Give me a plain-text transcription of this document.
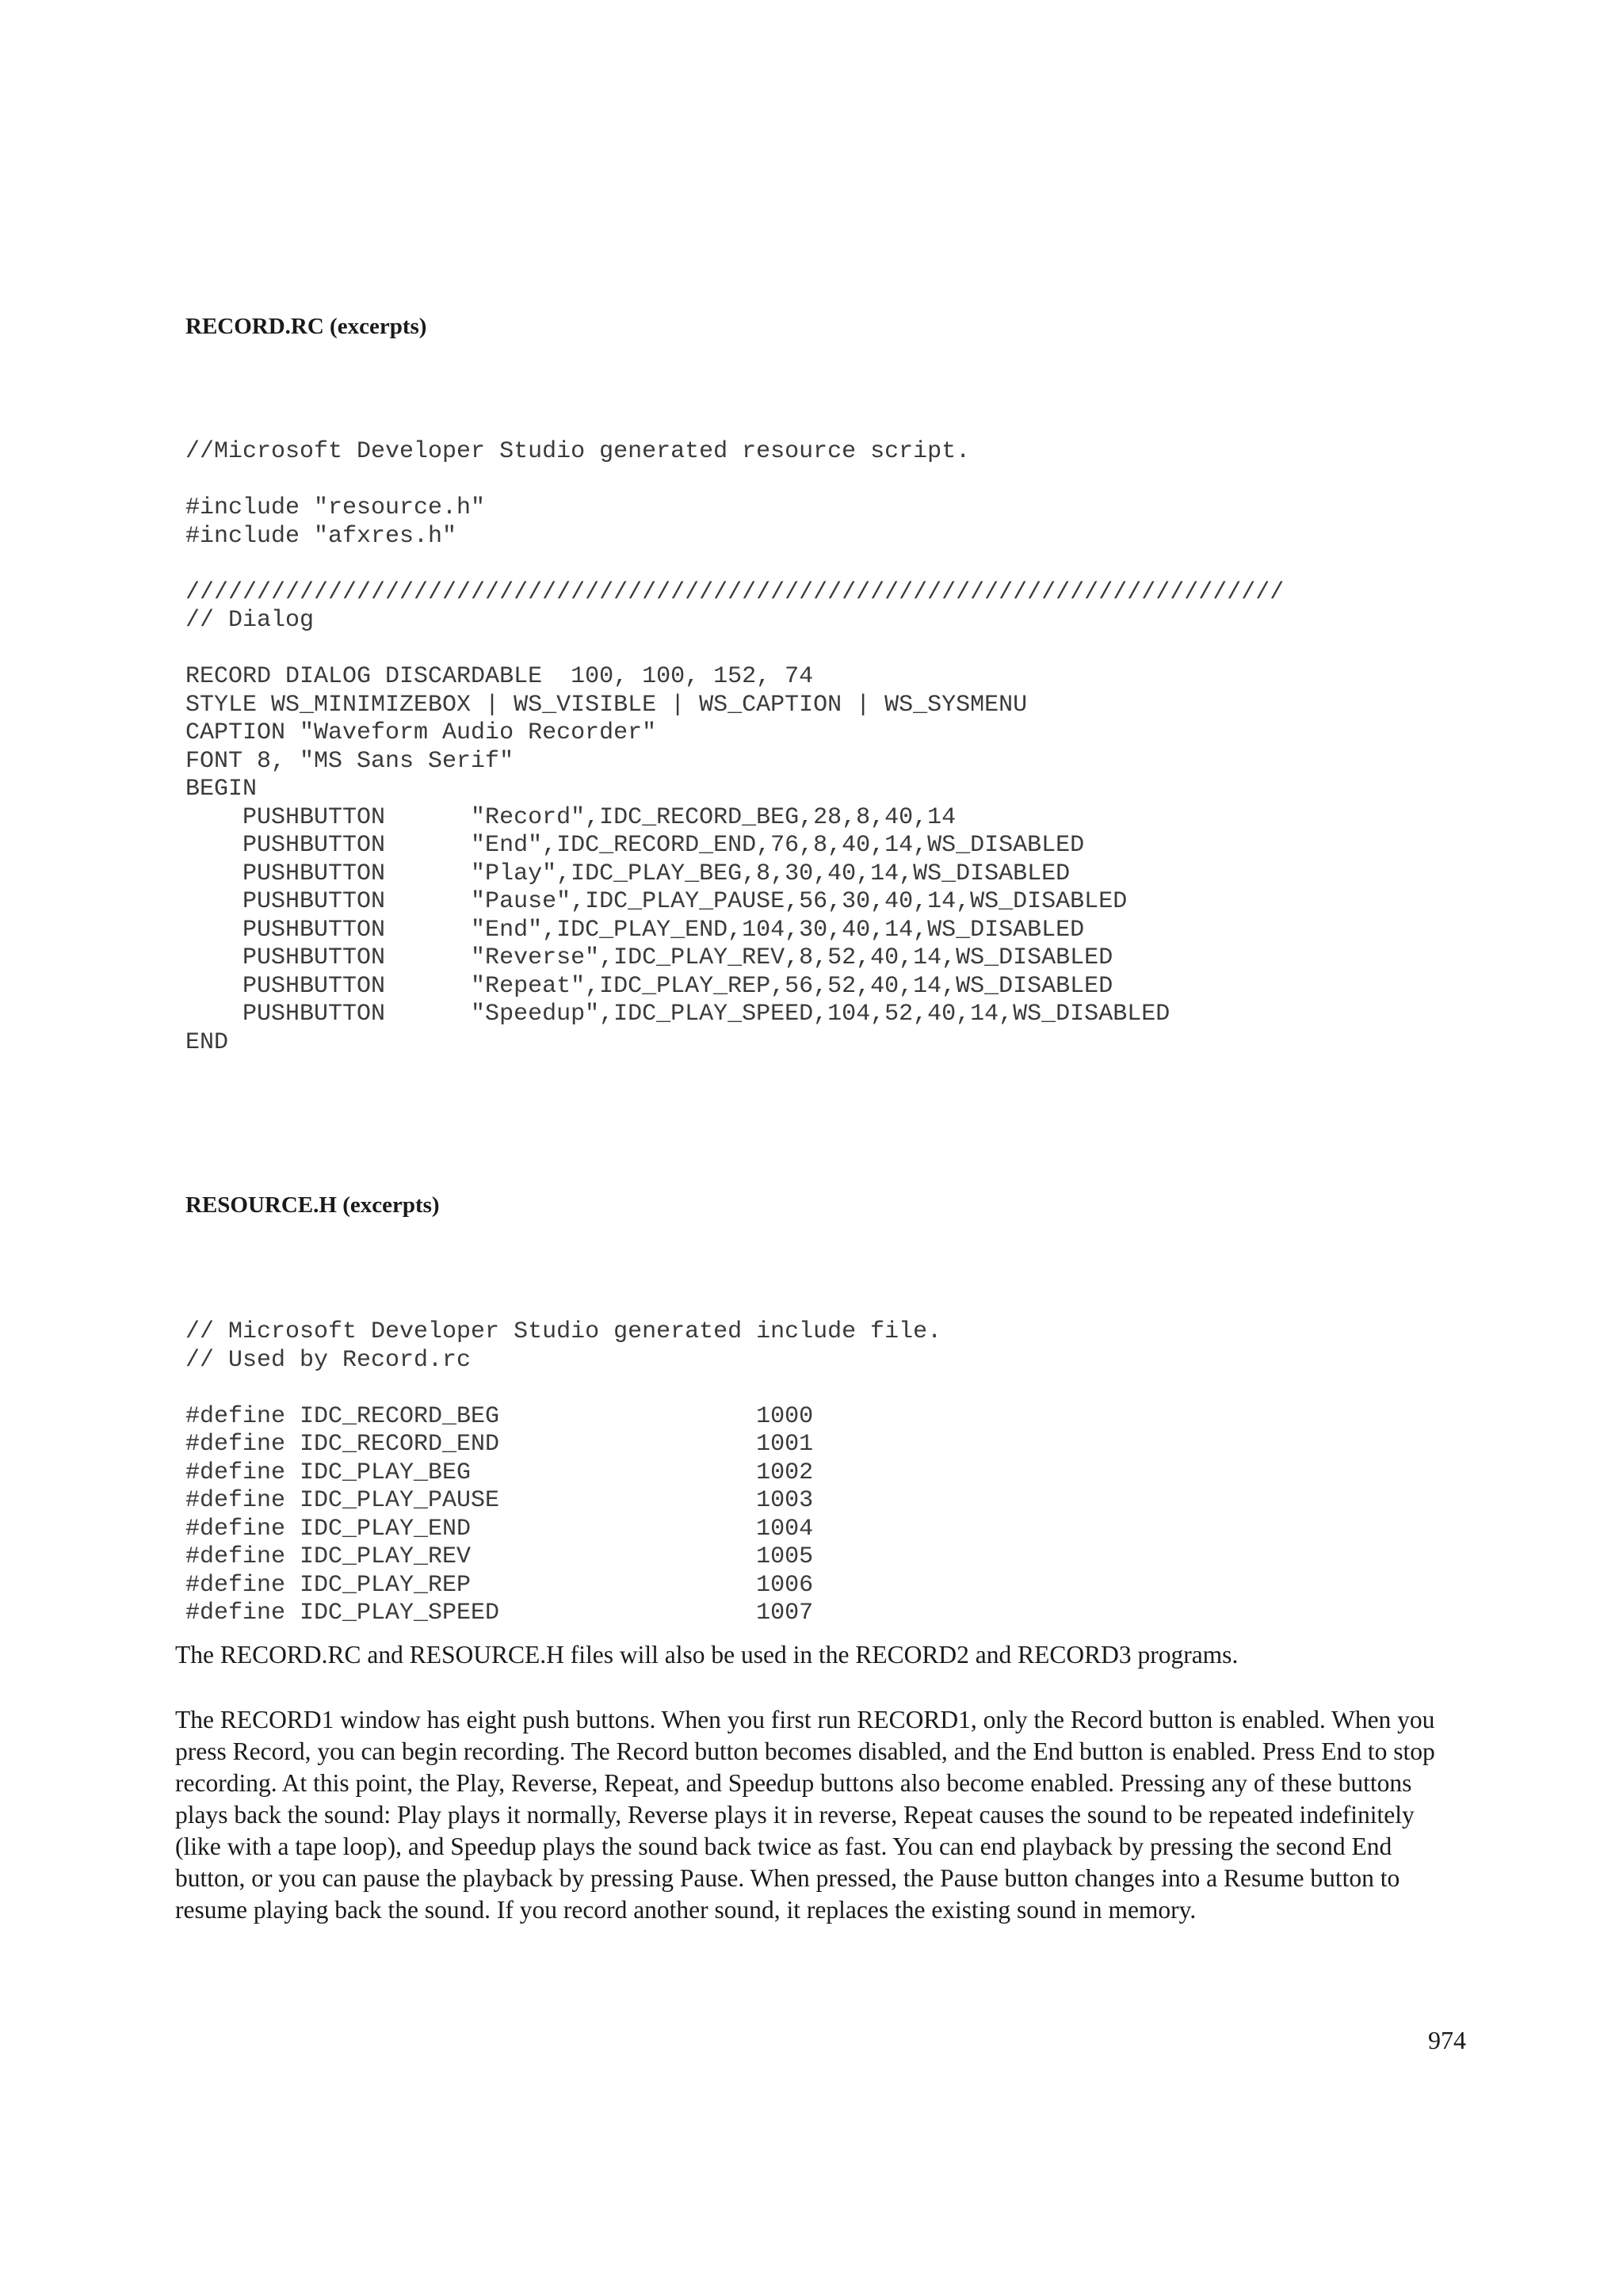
RECORD.RC (excerpts)
//Microsoft Developer Studio generated resource script.

#include "resource.h"
#include "afxres.h"

/////////////////////////////////////////////////////////////////////////////
// Dialog

RECORD DIALOG DISCARDABLE  100, 100, 152, 74
STYLE WS_MINIMIZEBOX | WS_VISIBLE | WS_CAPTION | WS_SYSMENU
CAPTION "Waveform Audio Recorder"
FONT 8, "MS Sans Serif"
BEGIN
PUSHBUTTON      "Record",IDC_RECORD_BEG,28,8,40,14
PUSHBUTTON      "End",IDC_RECORD_END,76,8,40,14,WS_DISABLED
PUSHBUTTON      "Play",IDC_PLAY_BEG,8,30,40,14,WS_DISABLED
PUSHBUTTON      "Pause",IDC_PLAY_PAUSE,56,30,40,14,WS_DISABLED
PUSHBUTTON      "End",IDC_PLAY_END,104,30,40,14,WS_DISABLED
PUSHBUTTON      "Reverse",IDC_PLAY_REV,8,52,40,14,WS_DISABLED
PUSHBUTTON      "Repeat",IDC_PLAY_REP,56,52,40,14,WS_DISABLED
PUSHBUTTON      "Speedup",IDC_PLAY_SPEED,104,52,40,14,WS_DISABLED
END
RESOURCE.H (excerpts)
// Microsoft Developer Studio generated include file.
// Used by Record.rc

#define IDC_RECORD_BEG                  1000
#define IDC_RECORD_END                  1001
#define IDC_PLAY_BEG                    1002
#define IDC_PLAY_PAUSE                  1003
#define IDC_PLAY_END                    1004
#define IDC_PLAY_REV                    1005
#define IDC_PLAY_REP                    1006
#define IDC_PLAY_SPEED                  1007

The RECORD.RC and RESOURCE.H files will also be used in the RECORD2 and RECORD3 programs.

The RECORD1 window has eight push buttons. When you first run RECORD1, only the Record button is enabled. When you press Record, you can begin recording. The Record button becomes disabled, and the End button is enabled. Press End to stop recording. At this point, the Play, Reverse, Repeat, and Speedup buttons also become enabled. Pressing any of these buttons plays back the sound: Play plays it normally, Reverse plays it in reverse, Repeat causes the sound to be repeated indefinitely (like with a tape loop), and Speedup plays the sound back twice as fast. You can end playback by pressing the second End button, or you can pause the playback by pressing Pause. When pressed, the Pause button changes into a Resume button to resume playing back the sound. If you record another sound, it replaces the existing sound in memory.

974
